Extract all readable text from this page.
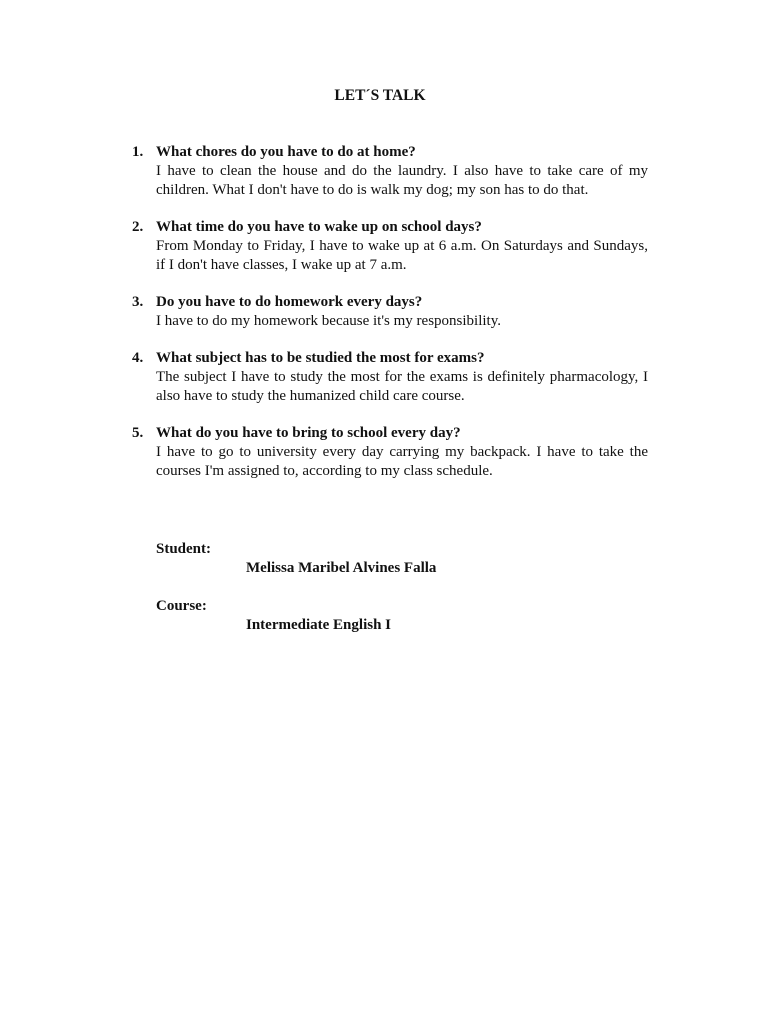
LET´S TALK
1. What chores do you have to do at home?
I have to clean the house and do the laundry. I also have to take care of my children. What I don't have to do is walk my dog; my son has to do that.
2. What time do you have to wake up on school days?
From Monday to Friday, I have to wake up at 6 a.m. On Saturdays and Sundays, if I don't have classes, I wake up at 7 a.m.
3. Do you have to do homework every days?
I have to do my homework because it's my responsibility.
4. What subject has to be studied the most for exams?
The subject I have to study the most for the exams is definitely pharmacology, I also have to study the humanized child care course.
5. What do you have to bring to school every day?
I have to go to university every day carrying my backpack. I have to take the courses I'm assigned to, according to my class schedule.
Student:
Melissa Maribel Alvines Falla
Course:
Intermediate English I
